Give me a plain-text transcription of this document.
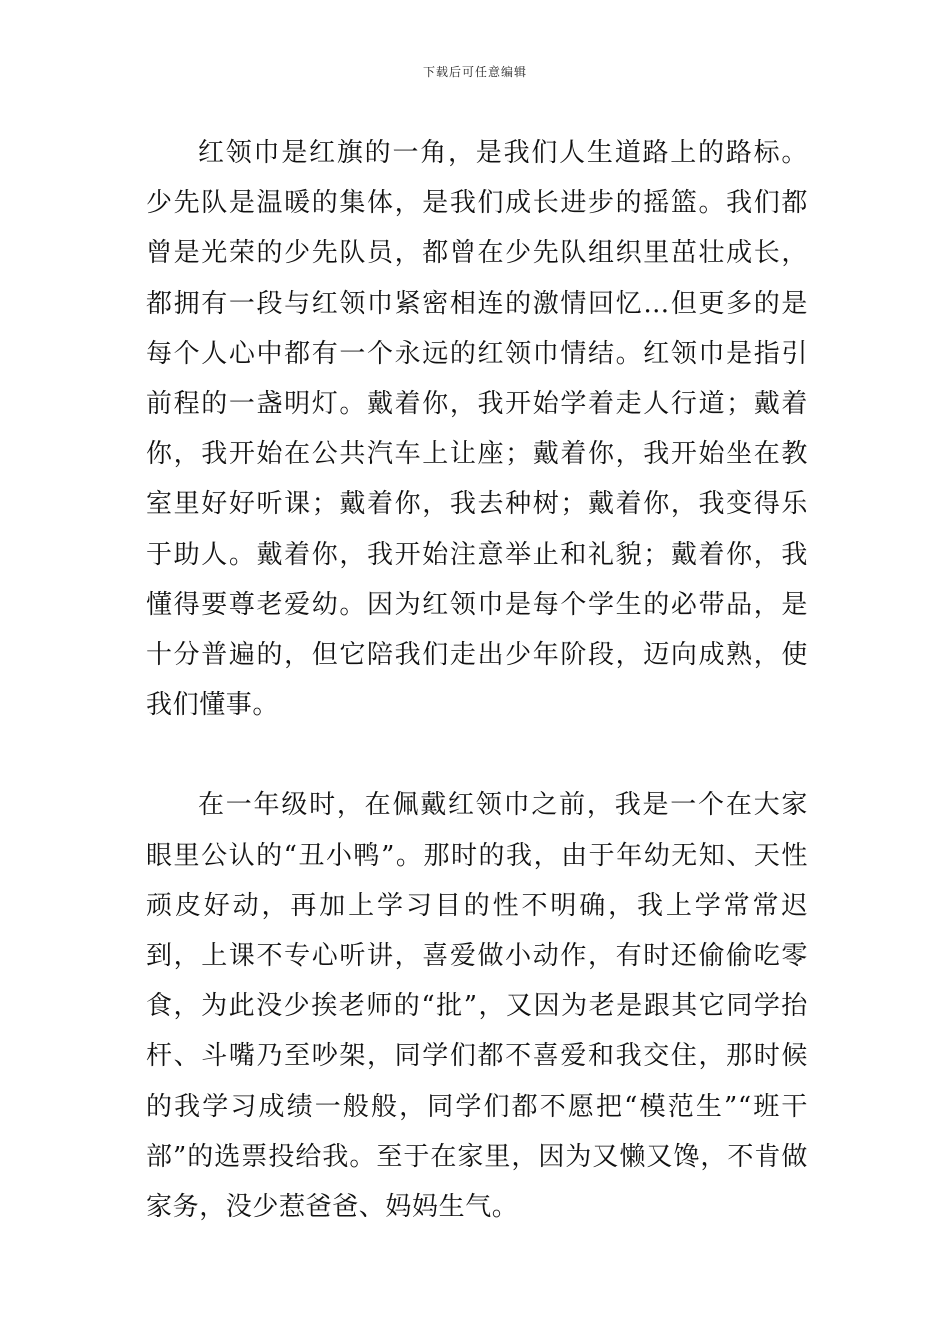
下载后可任意编辑

红领巾是红旗的一角，是我们人生道路上的路标。少先队是温暖的集体，是我们成长进步的摇篮。我们都曾是光荣的少先队员，都曾在少先队组织里茁壮成长，都拥有一段与红领巾紧密相连的激情回忆…但更多的是每个人心中都有一个永远的红领巾情结。红领巾是指引前程的一盏明灯。戴着你，我开始学着走人行道；戴着你，我开始在公共汽车上让座；戴着你，我开始坐在教室里好好听课；戴着你，我去种树；戴着你，我变得乐于助人。戴着你，我开始注意举止和礼貌；戴着你，我懂得要尊老爱幼。因为红领巾是每个学生的必带品，是十分普遍的，但它陪我们走出少年阶段，迈向成熟，使我们懂事。

在一年级时，在佩戴红领巾之前，我是一个在大家眼里公认的“丑小鸭”。那时的我，由于年幼无知、天性顽皮好动，再加上学习目的性不明确，我上学常常迟到，上课不专心听讲，喜爱做小动作，有时还偷偷吃零食，为此没少挨老师的“批”，又因为老是跟其它同学抬杆、斗嘴乃至吵架，同学们都不喜爱和我交住，那时候的我学习成绩一般般，同学们都不愿把“模范生”“班干部”的选票投给我。至于在家里，因为又懒又馋，不肯做家务，没少惹爸爸、妈妈生气。
